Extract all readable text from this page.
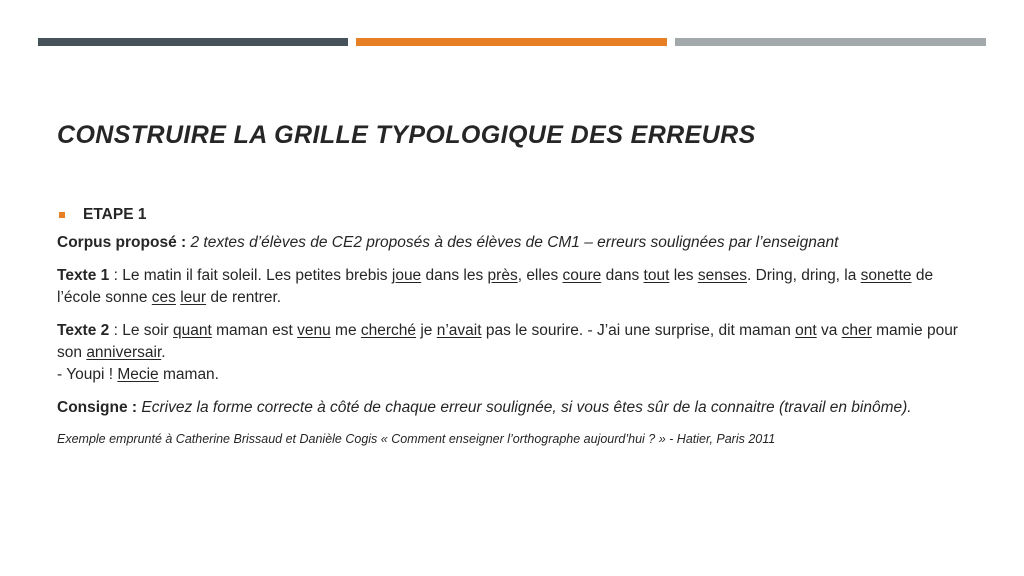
CONSTRUIRE LA GRILLE TYPOLOGIQUE DES ERREURS

ETAPE 1

Corpus proposé : 2 textes d’élèves de CE2 proposés à des élèves de CM1 – erreurs soulignées par l’enseignant

Texte 1 : Le matin il fait soleil. Les petites brebis joue dans les près, elles coure dans tout les senses. Dring, dring, la sonette de l’école sonne ces leur de rentrer.

Texte 2 : Le soir quant maman est venu me cherché je n’avait pas le sourire. - J’ai une surprise, dit maman ont va cher mamie pour son anniversair.
- Youpi ! Mecie maman.

Consigne : Ecrivez la forme correcte à côté de chaque erreur soulignée, si vous êtes sûr de la connaitre (travail en binôme).

Exemple emprunté à Catherine Brissaud et Danièle Cogis « Comment enseigner l’orthographe aujourd’hui ? » - Hatier, Paris 2011
